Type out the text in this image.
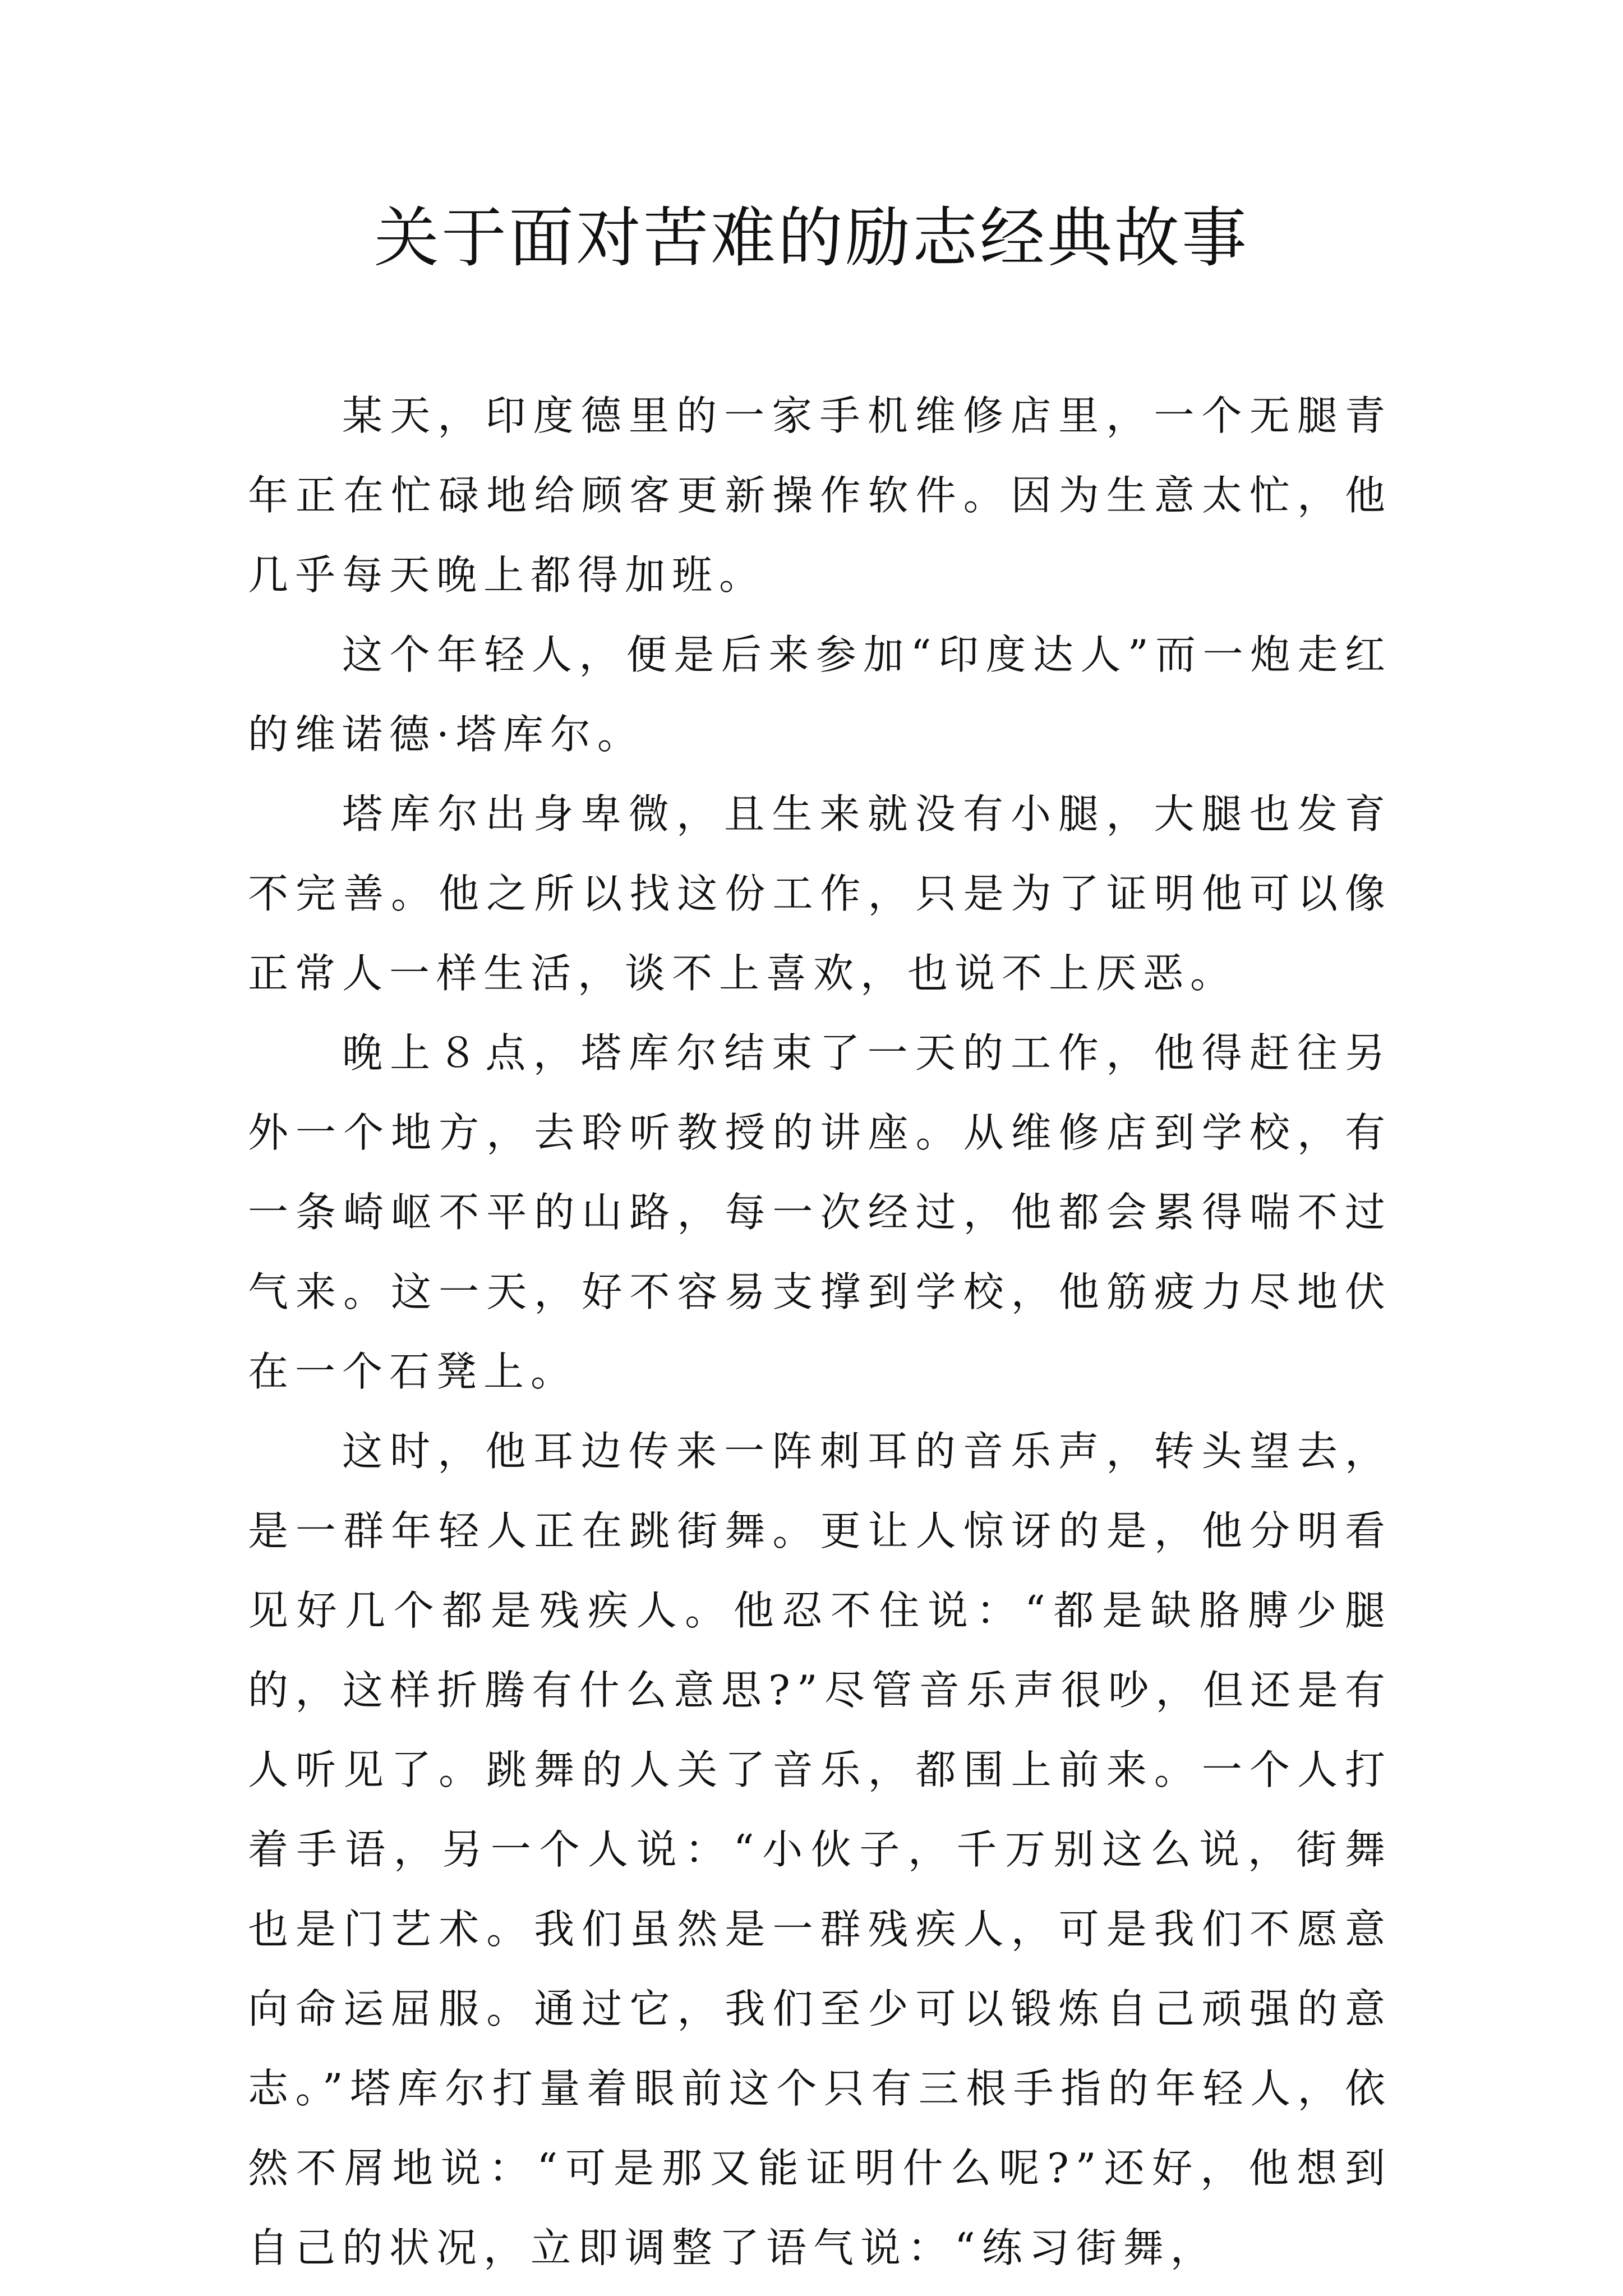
关于面对苦难的励志经典故事

某天，印度德里的一家手机维修店里，一个无腿青年正在忙碌地给顾客更新操作软件。因为生意太忙，他几乎每天晚上都得加班。

这个年轻人，便是后来参加“印度达人”而一炮走红的维诺德·塔库尔。

塔库尔出身卑微，且生来就没有小腿，大腿也发育不完善。他之所以找这份工作，只是为了证明他可以像正常人一样生活，谈不上喜欢，也说不上厌恶。

晚上８点，塔库尔结束了一天的工作，他得赶往另外一个地方，去聆听教授的讲座。从维修店到学校，有一条崎岖不平的山路，每一次经过，他都会累得喘不过气来。这一天，好不容易支撑到学校，他筋疲力尽地伏在一个石凳上。

这时，他耳边传来一阵刺耳的音乐声，转头望去，是一群年轻人正在跳街舞。更让人惊讶的是，他分明看见好几个都是残疾人。他忍不住说：“都是缺胳膊少腿的，这样折腾有什么意思?”尽管音乐声很吵，但还是有人听见了。跳舞的人关了音乐，都围上前来。一个人打着手语，另一个人说：“小伙子，千万别这么说，街舞也是门艺术。我们虽然是一群残疾人，可是我们不愿意向命运屈服。通过它，我们至少可以锻炼自己顽强的意志。”塔库尔打量着眼前这个只有三根手指的年轻人，依然不屑地说：“可是那又能证明什么呢?”还好，他想到自己的状况，立即调整了语气说：“练习街舞，
